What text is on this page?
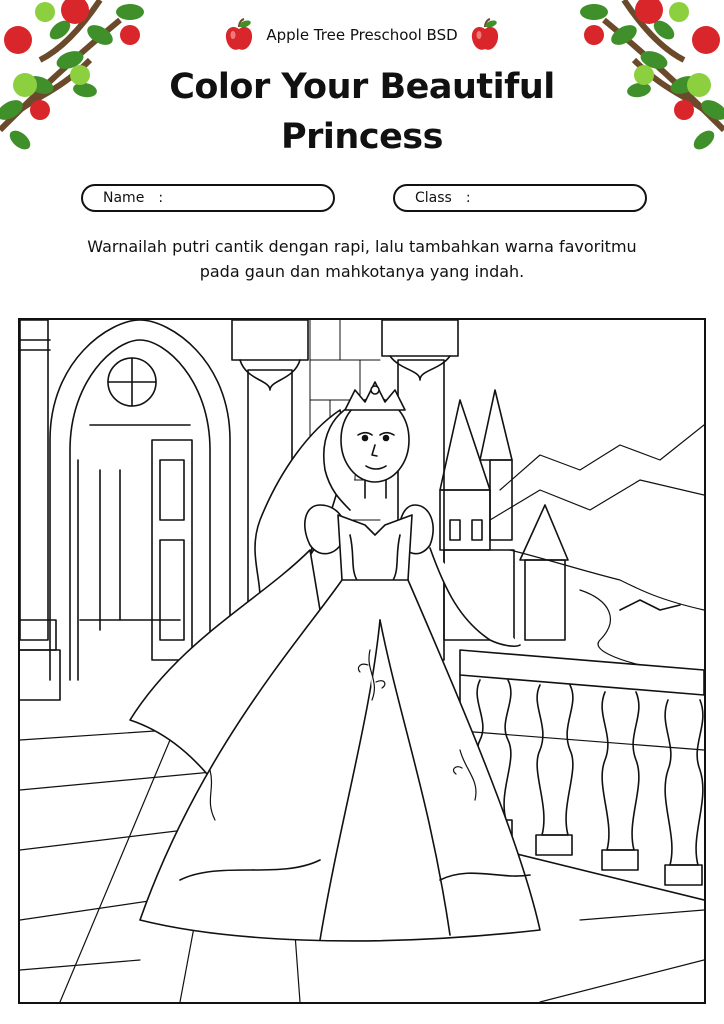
Apple Tree Preschool BSD
Color Your Beautiful
Princess
Name :	Class :
Warnailah putri cantik dengan rapi, lalu tambahkan warna favoritmu
pada gaun dan mahkotanya yang indah.
